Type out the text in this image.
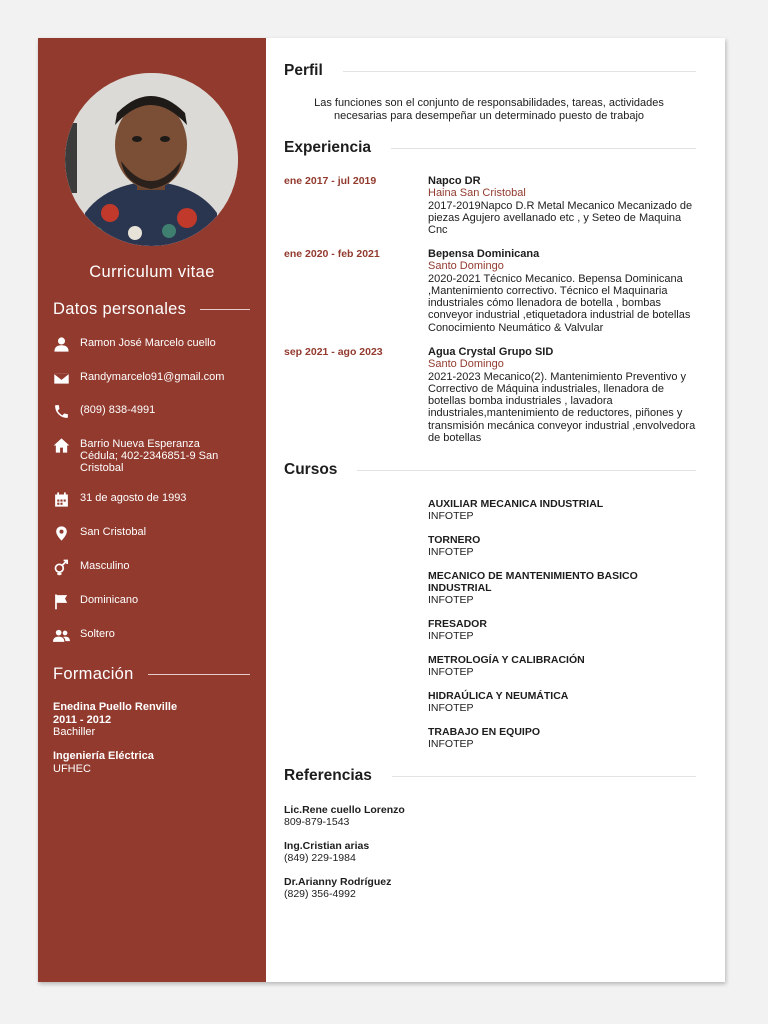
Curriculum vitae
Datos personales
Ramon José Marcelo cuello
Randymarcelo91@gmail.com
(809) 838-4991
Barrio Nueva Esperanza Cédula; 402-2346851-9 San Cristobal
31 de agosto de 1993
San Cristobal
Masculino
Dominicano
Soltero
Formación
Enedina Puello Renville
2011 - 2012
Bachiller
Ingeniería Eléctrica
UFHEC
Perfil
Las funciones son el conjunto de responsabilidades, tareas, actividades necesarias para desempeñar un determinado puesto de trabajo
Experiencia
ene 2017 - jul 2019	Napco DR
Haina San Cristobal
2017-2019Napco D.R Metal Mecanico Mecanizado de piezas Agujero avellanado etc , y Seteo de Maquina Cnc
ene 2020 - feb 2021	Bepensa Dominicana
Santo Domingo
2020-2021 Técnico Mecanico. Bepensa Dominicana ,Mantenimiento correctivo. Técnico el Maquinaria industriales cómo llenadora de botella , bombas conveyor industrial ,etiquetadora industrial de botellas Conocimiento Neumático & Valvular
sep 2021 - ago 2023	Agua Crystal Grupo SID
Santo Domingo
2021-2023 Mecanico(2). Mantenimiento Preventivo y Correctivo de Máquina industriales, llenadora de botellas bomba industriales , lavadora industriales,mantenimiento de reductores, piñones y transmisión mecánica conveyor industrial ,envolvedora de botellas
Cursos
AUXILIAR MECANICA INDUSTRIAL
INFOTEP
TORNERO
INFOTEP
MECANICO DE MANTENIMIENTO BASICO INDUSTRIAL
INFOTEP
FRESADOR
INFOTEP
METROLOGÍA Y CALIBRACIÓN
INFOTEP
HIDRAÚLICA Y NEUMÁTICA
INFOTEP
TRABAJO EN EQUIPO
INFOTEP
Referencias
Lic.Rene cuello Lorenzo
809-879-1543
Ing.Cristian arias
(849) 229-1984
Dr.Arianny Rodríguez
(829) 356-4992
